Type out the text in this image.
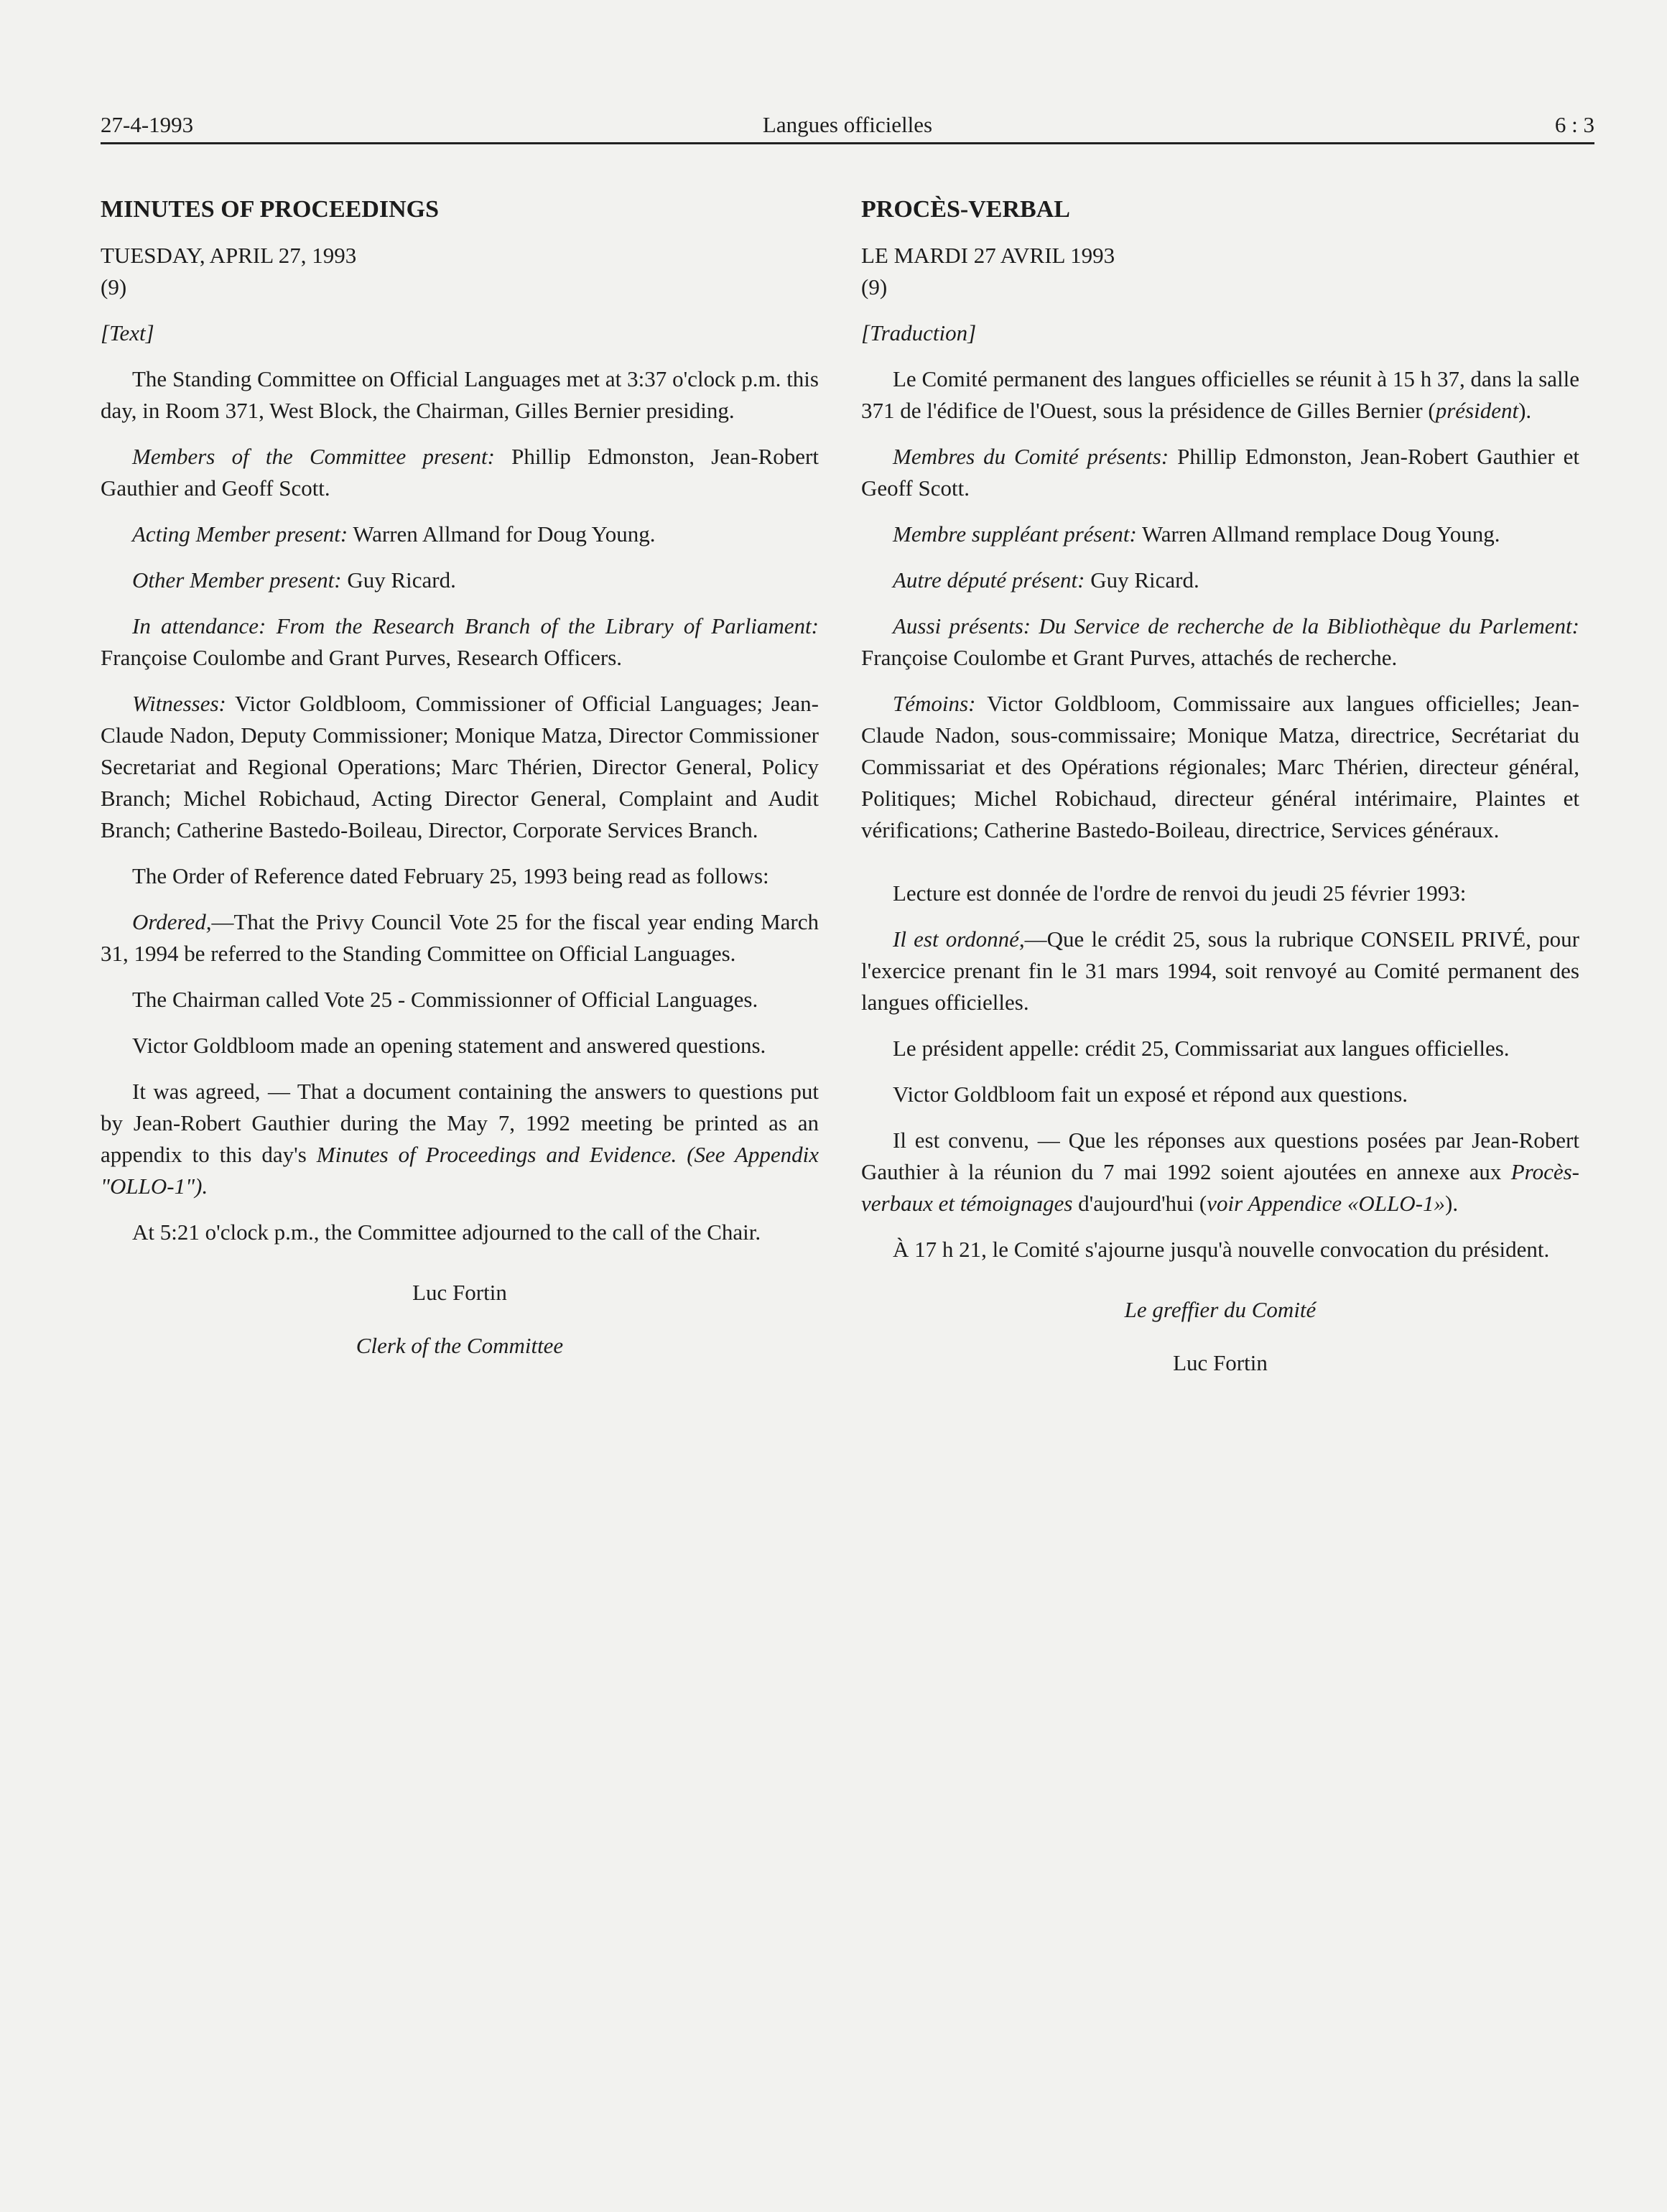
27-4-1993	Langues officielles	6 : 3
MINUTES OF PROCEEDINGS
TUESDAY, APRIL 27, 1993
(9)
[Text]

The Standing Committee on Official Languages met at 3:37 o'clock p.m. this day, in Room 371, West Block, the Chairman, Gilles Bernier presiding.

Members of the Committee present: Phillip Edmonston, Jean-Robert Gauthier and Geoff Scott.

Acting Member present: Warren Allmand for Doug Young.

Other Member present: Guy Ricard.

In attendance: From the Research Branch of the Library of Parliament: Françoise Coulombe and Grant Purves, Research Officers.

Witnesses: Victor Goldbloom, Commissioner of Official Languages; Jean-Claude Nadon, Deputy Commissioner; Monique Matza, Director Commissioner Secretariat and Regional Operations; Marc Thérien, Director General, Policy Branch; Michel Robichaud, Acting Director General, Complaint and Audit Branch; Catherine Bastedo-Boileau, Director, Corporate Services Branch.

The Order of Reference dated February 25, 1993 being read as follows:

Ordered,—That the Privy Council Vote 25 for the fiscal year ending March 31, 1994 be referred to the Standing Committee on Official Languages.

The Chairman called Vote 25 - Commissionner of Official Languages.

Victor Goldbloom made an opening statement and answered questions.

It was agreed, — That a document containing the answers to questions put by Jean-Robert Gauthier during the May 7, 1992 meeting be printed as an appendix to this day's Minutes of Proceedings and Evidence. (See Appendix "OLLO-1").

At 5:21 o'clock p.m., the Committee adjourned to the call of the Chair.

Luc Fortin
Clerk of the Committee
PROCÈS-VERBAL
LE MARDI 27 AVRIL 1993
(9)
[Traduction]

Le Comité permanent des langues officielles se réunit à 15 h 37, dans la salle 371 de l'édifice de l'Ouest, sous la présidence de Gilles Bernier (président).

Membres du Comité présents: Phillip Edmonston, Jean-Robert Gauthier et Geoff Scott.

Membre suppléant présent: Warren Allmand remplace Doug Young.

Autre député présent: Guy Ricard.

Aussi présents: Du Service de recherche de la Bibliothèque du Parlement: Françoise Coulombe et Grant Purves, attachés de recherche.

Témoins: Victor Goldbloom, Commissaire aux langues officielles; Jean-Claude Nadon, sous-commissaire; Monique Matza, directrice, Secrétariat du Commissariat et des Opérations régionales; Marc Thérien, directeur général, Politiques; Michel Robichaud, directeur général intérimaire, Plaintes et vérifications; Catherine Bastedo-Boileau, directrice, Services généraux.

Lecture est donnée de l'ordre de renvoi du jeudi 25 février 1993:

Il est ordonné,—Que le crédit 25, sous la rubrique CONSEIL PRIVÉ, pour l'exercice prenant fin le 31 mars 1994, soit renvoyé au Comité permanent des langues officielles.

Le président appelle: crédit 25, Commissariat aux langues officielles.

Victor Goldbloom fait un exposé et répond aux questions.

Il est convenu, — Que les réponses aux questions posées par Jean-Robert Gauthier à la réunion du 7 mai 1992 soient ajoutées en annexe aux Procès-verbaux et témoignages d'aujourd'hui (voir Appendice «OLLO-1»).

À 17 h 21, le Comité s'ajourne jusqu'à nouvelle convocation du président.

Le greffier du Comité
Luc Fortin
